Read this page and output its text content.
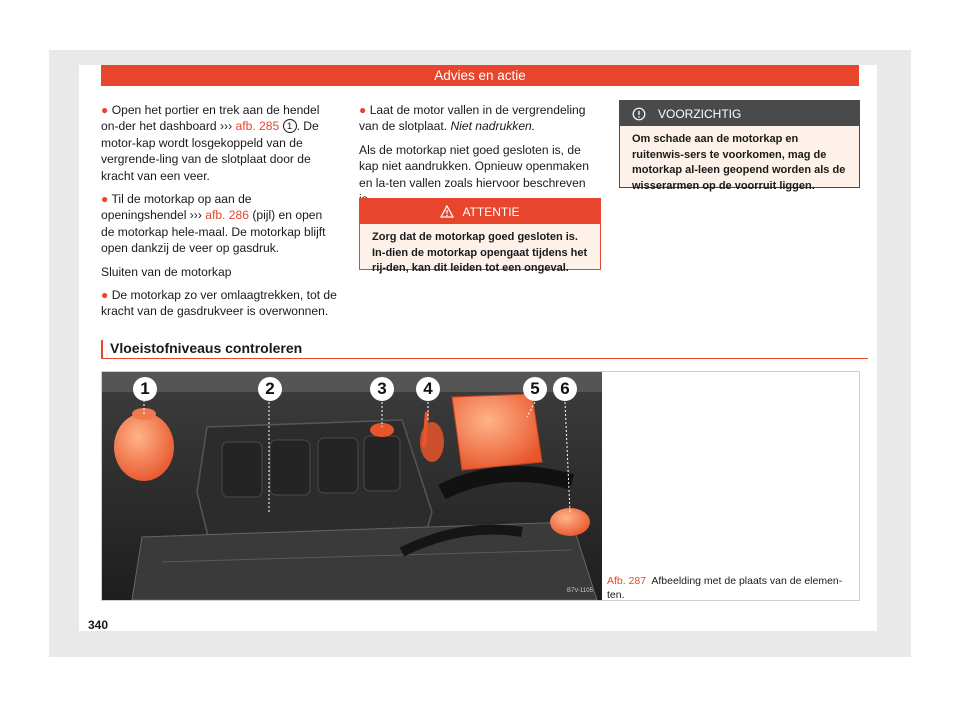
Advies en actie

● Open het portier en trek aan de hendel on-der het dashboard ››› afb. 285 1 . De motor-kap wordt losgekoppeld van de vergrende-ling van de slotplaat door de kracht van een veer.

● Til de motorkap op aan de openingshendel ››› afb. 286 (pijl) en open de motorkap hele-maal. De motorkap blijft open dankzij de veer op gasdruk.

Sluiten van de motorkap

● De motorkap zo ver omlaagtrekken, tot de kracht van de gasdrukveer is overwonnen.

● Laat de motor vallen in de vergrendeling van de slotplaat. Niet nadrukken.

Als de motorkap niet goed gesloten is, de kap niet aandrukken. Opnieuw openmaken en la-ten vallen zoals hiervoor beschreven

ATTENTIE
Zorg dat de motorkap goed gesloten is. In-dien de motorkap opengaat tijdens het rij-den, kan dit leiden tot een ongeval.
VOORZICHTIG
Om schade aan de motorkap en ruitenwis-sers te voorkomen, mag de motorkap al-leen geopend worden als de wisserarmen op de voorruit liggen.
Vloeistofniveaus controleren
1	2	3	4	5	6
B7V-1105
Afb. 287 Afbeelding met de plaats van de elemen-ten.
340
